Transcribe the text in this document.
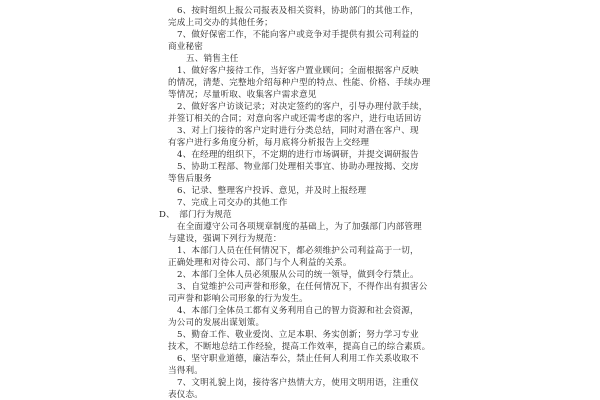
6、按时组织上报公司报表及相关资料，协助部门的其他工作，
完成上司交办的其他任务；
7、做好保密工作，不能向客户或竞争对手提供有损公司利益的
商业秘密
五、销售主任
1、做好客户接待工作，当好客户置业顾问；全面根据客户反映
的情况，清楚、完整地介绍每种户型的特点、性能、价格、手续办理
等情况；尽量听取、收集客户需求意见
2、做好客户访谈记录；对决定签约的客户，引导办理付款手续，
并签订相关的合同；对意向客户或还需考虑的客户，进行电话回访
3、对上门接待的客户定时进行分类总结，同时对潜在客户、现
有客户进行多角度分析，每月底将分析报告上交经理
4、在经理的组织下，不定期的进行市场调研，并提交调研报告
5、协助工程部、物业部门处理相关事宜、协助办理按揭、交房
等售后服务
6、记录、整理客户投诉、意见，并及时上报经理
7、完成上司交办的其他工作
D、　部门行为规范
在全面遵守公司各项规章制度的基础上，为了加强部门内部管理
与建设，强调下列行为规范：
1、本部门人员在任何情况下，都必须维护公司利益高于一切，
正确处理和对待公司、部门与个人利益的关系。
2、本部门全体人员必须服从公司的统一领导，做到令行禁止。
3、自觉维护公司声誉和形象，在任何情况下，不得作出有损害公
司声誉和影响公司形象的行为发生。
4、本部门全体员工都有义务利用自己的智力资源和社会资源，
为公司的发展出谋划策。
5、勤奋工作、敬业爱岗、立足本职、务实创新；努力学习专业
技术，不断地总结工作经验，提高工作效率，提高自己的综合素质。
6、坚守职业道德，廉洁奉公，禁止任何人利用工作关系收取不
当得利。
7、文明礼貌上岗，接待客户热情大方，使用文明用语，注重仪
表仪态。
